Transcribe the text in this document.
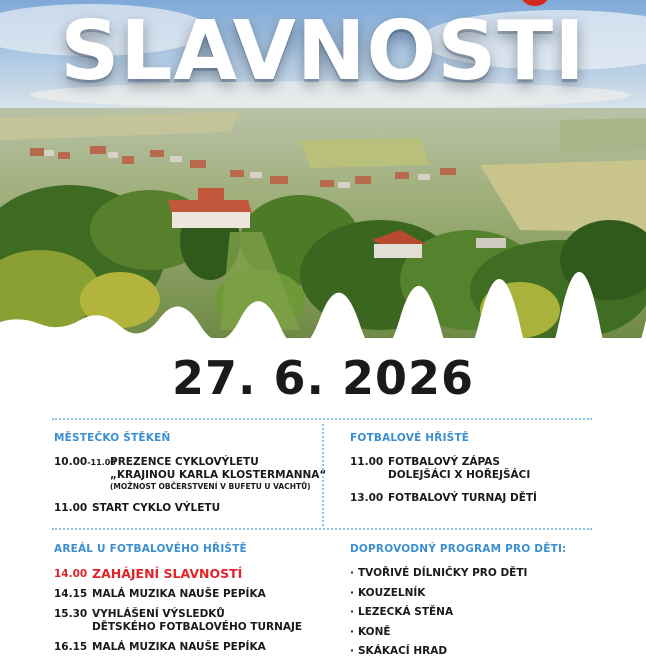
SLAVNOSTI
27. 6. 2026
MĚSTEČKO ŠTĚKEŇ
10.00-11.00
PREZENCE CYKLOVÝLETU
„KRAJINOU KARLA KLOSTERMANNA“
(MOŽNOST OBČERSTVENÍ V BUFETU U VACHTŮ)
11.00 START CYKLO VÝLETU
FOTBALOVÉ HŘIŠTĚ
11.00 FOTBALOVÝ ZÁPAS
DOLEJŠÁCI X HOŘEJŠÁCI
13.00 FOTBALOVÝ TURNAJ DĚTÍ
AREÁL U FOTBALOVÉHO HŘIŠTĚ
14.00 ZAHÁJENÍ SLAVNOSTÍ
14.15 MALÁ MUZIKA NAUŠE PEPÍKA
15.30 VYHLÁŠENÍ VÝSLEDKŮ
DĚTSKÉHO FOTBALOVÉHO TURNAJE
16.15 MALÁ MUZIKA NAUŠE PEPÍKA
DOPROVODNÝ PROGRAM PRO DĚTI:
· TVOŘIVÉ DÍLNIČKY PRO DĚTI
· KOUZELNÍK
· LEZECKÁ STĚNA
· KONĚ
· SKÁKACÍ HRAD
